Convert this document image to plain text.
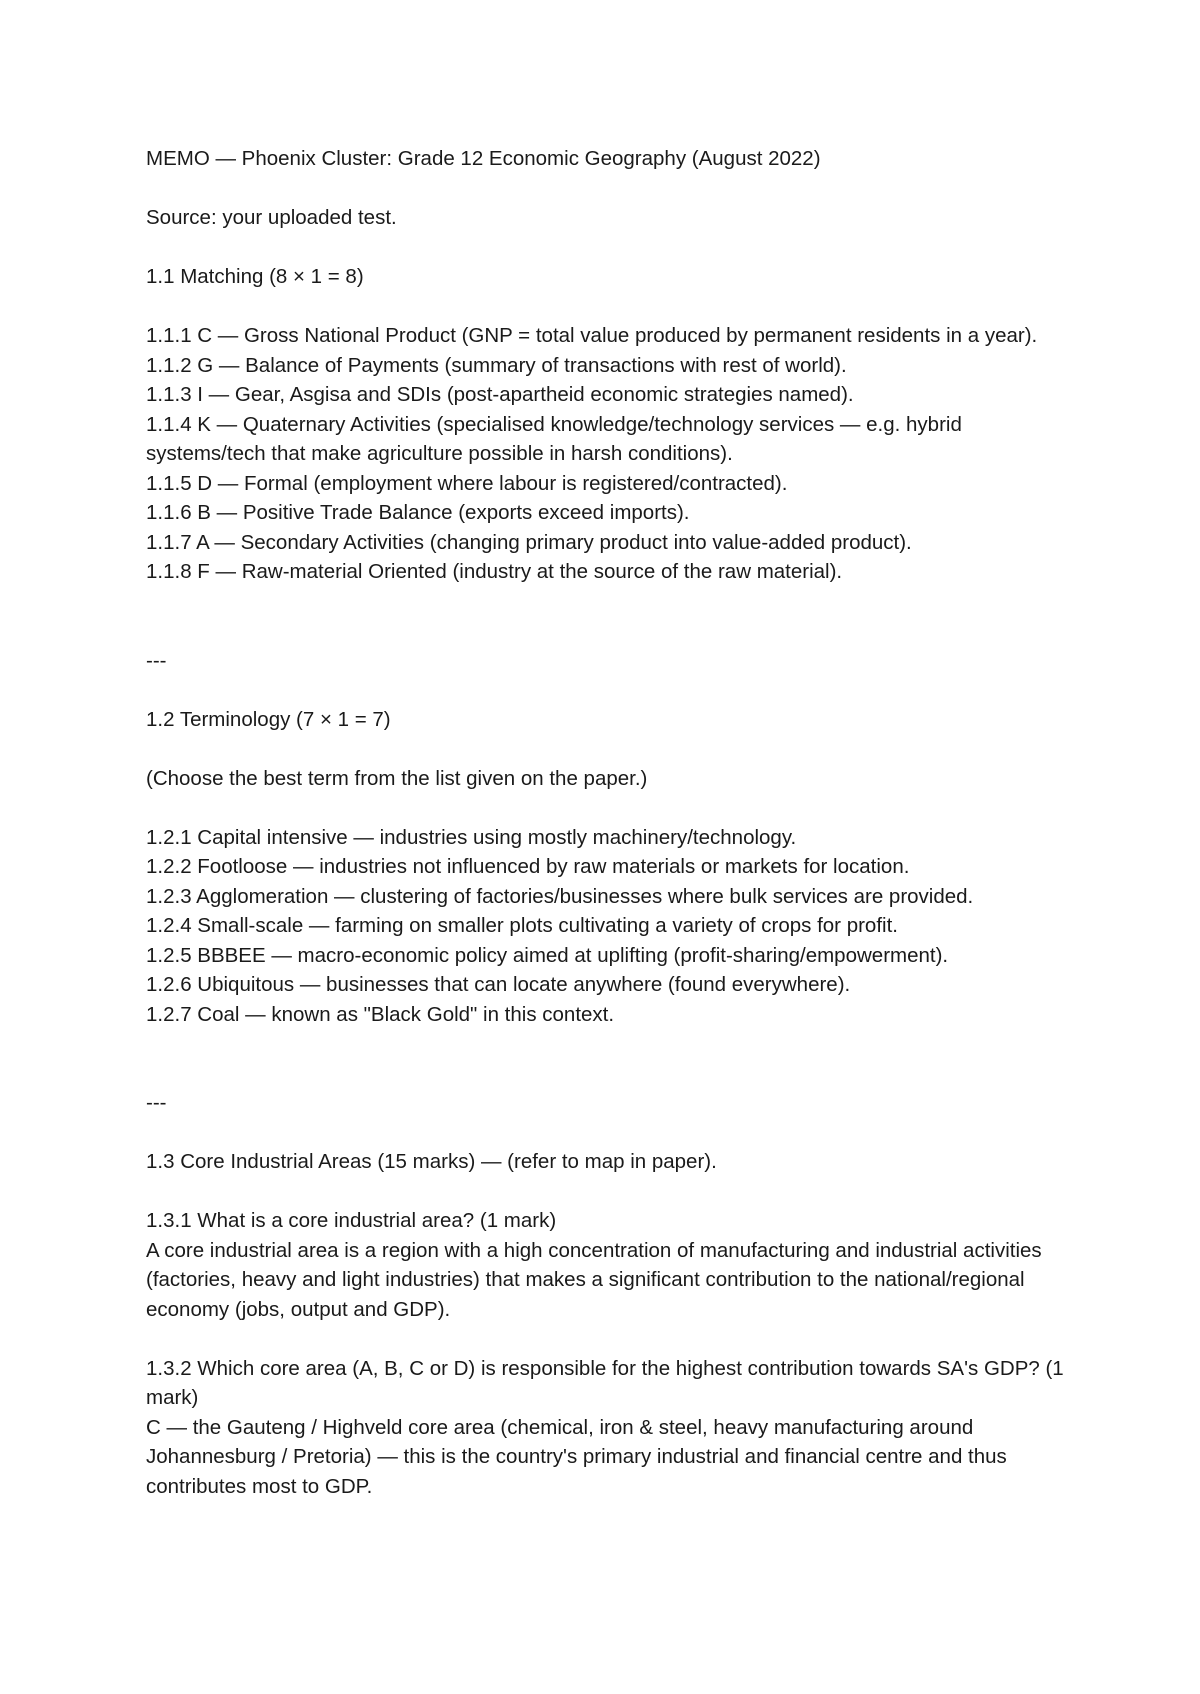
MEMO — Phoenix Cluster: Grade 12 Economic Geography (August 2022)

Source: your uploaded test.

1.1 Matching (8 × 1 = 8)

1.1.1 C — Gross National Product (GNP = total value produced by permanent residents in a year).

1.1.2 G — Balance of Payments (summary of transactions with rest of world).

1.1.3 I — Gear, Asgisa and SDIs (post-apartheid economic strategies named).

1.1.4 K — Quaternary Activities (specialised knowledge/technology services — e.g. hybrid systems/tech that make agriculture possible in harsh conditions).

1.1.5 D — Formal (employment where labour is registered/contracted).

1.1.6 B — Positive Trade Balance (exports exceed imports).

1.1.7 A — Secondary Activities (changing primary product into value-added product).

1.1.8 F — Raw-material Oriented (industry at the source of the raw material).

---

1.2 Terminology (7 × 1 = 7)

(Choose the best term from the list given on the paper.)

1.2.1 Capital intensive — industries using mostly machinery/technology.

1.2.2 Footloose — industries not influenced by raw materials or markets for location.

1.2.3 Agglomeration — clustering of factories/businesses where bulk services are provided.

1.2.4 Small-scale — farming on smaller plots cultivating a variety of crops for profit.

1.2.5 BBBEE — macro-economic policy aimed at uplifting (profit-sharing/empowerment).

1.2.6 Ubiquitous — businesses that can locate anywhere (found everywhere).

1.2.7 Coal — known as "Black Gold" in this context.

---

1.3 Core Industrial Areas (15 marks) — (refer to map in paper).

1.3.1 What is a core industrial area? (1 mark)

A core industrial area is a region with a high concentration of manufacturing and industrial activities (factories, heavy and light industries) that makes a significant contribution to the national/regional economy (jobs, output and GDP).

1.3.2 Which core area (A, B, C or D) is responsible for the highest contribution towards SA's GDP? (1 mark)

C — the Gauteng / Highveld core area (chemical, iron & steel, heavy manufacturing around Johannesburg / Pretoria) — this is the country's primary industrial and financial centre and thus contributes most to GDP.
